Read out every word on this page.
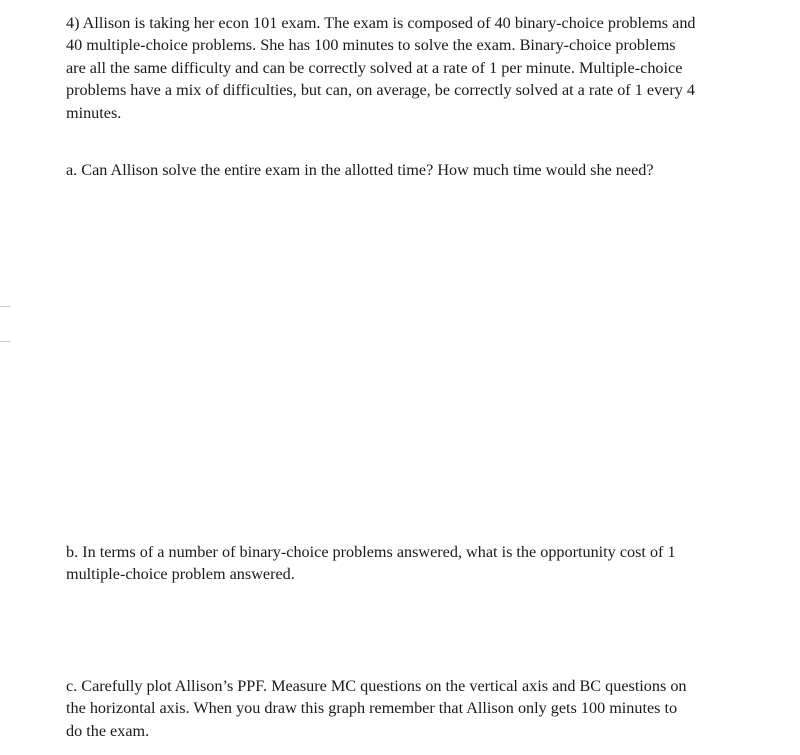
4) Allison is taking her econ 101 exam. The exam is composed of 40 binary-choice problems and
40 multiple-choice problems. She has 100 minutes to solve the exam. Binary-choice problems
are all the same difficulty and can be correctly solved at a rate of 1 per minute. Multiple-choice
problems have a mix of difficulties, but can, on average, be correctly solved at a rate of 1 every 4
minutes.
a. Can Allison solve the entire exam in the allotted time? How much time would she need?
b. In terms of a number of binary-choice problems answered, what is the opportunity cost of 1
multiple-choice problem answered.
c. Carefully plot Allison’s PPF. Measure MC questions on the vertical axis and BC questions on
the horizontal axis. When you draw this graph remember that Allison only gets 100 minutes to
do the exam.
